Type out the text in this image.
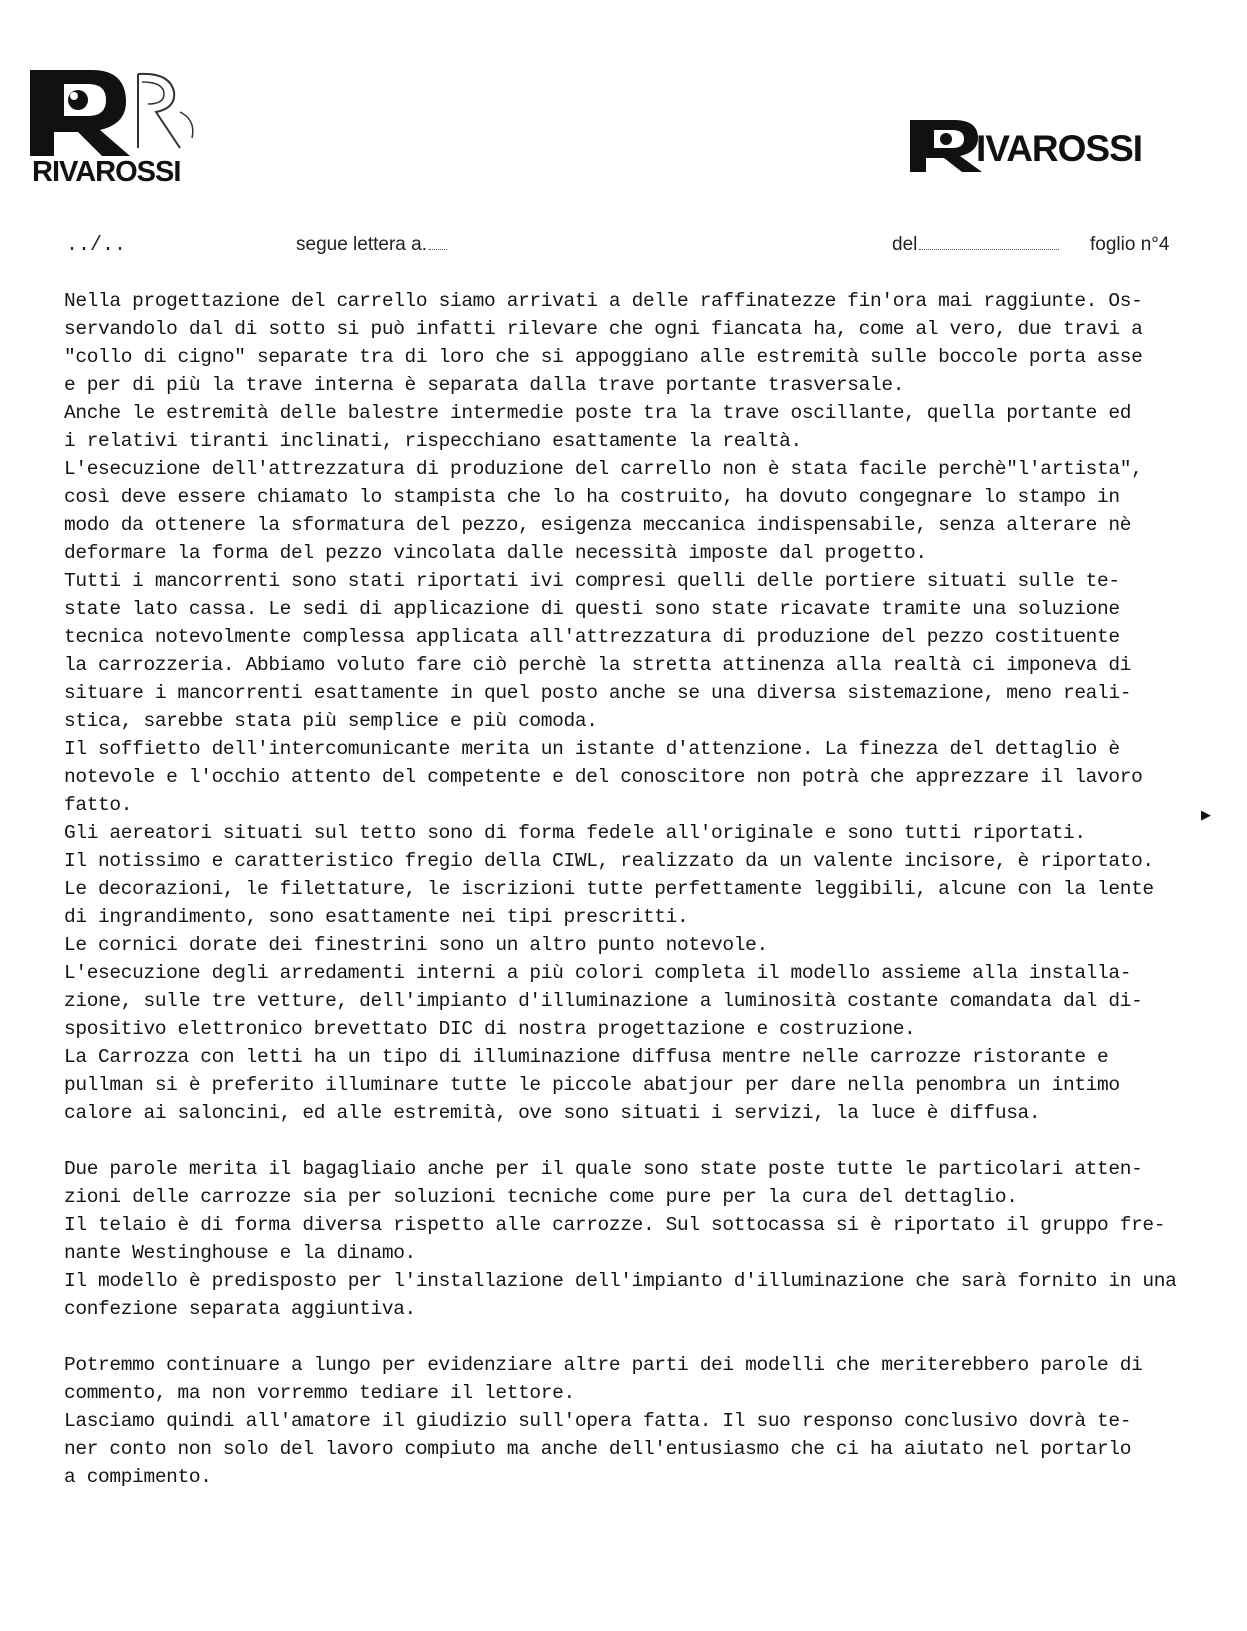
RIVAROSSI
IVAROSSI
../..	segue lettera a.	del	foglio n°4

Nella progettazione del carrello siamo arrivati a delle raffinatezze fin'ora mai raggiunte. Os-

servandolo dal di sotto si può infatti rilevare che ogni fiancata ha, come al vero, due travi a

"collo di cigno" separate tra di loro che si appoggiano alle estremità sulle boccole porta asse

e per di più la trave interna è separata dalla trave portante trasversale.

Anche le estremità delle balestre intermedie poste tra la trave oscillante, quella portante ed

i relativi tiranti inclinati, rispecchiano esattamente la realtà.

L'esecuzione dell'attrezzatura di produzione del carrello non è stata facile perchè"l'artista",

così deve essere chiamato lo stampista che lo ha costruito, ha dovuto congegnare lo stampo in

modo da ottenere la sformatura del pezzo, esigenza meccanica indispensabile, senza alterare nè

deformare la forma del pezzo vincolata dalle necessità imposte dal progetto.

Tutti i mancorrenti sono stati riportati ivi compresi quelli delle portiere situati sulle te-

state lato cassa. Le sedi di applicazione di questi sono state ricavate tramite una soluzione

tecnica notevolmente complessa applicata all'attrezzatura di produzione del pezzo costituente

la carrozzeria. Abbiamo voluto fare ciò perchè la stretta attinenza alla realtà ci imponeva di

situare i mancorrenti esattamente in quel posto anche se una diversa sistemazione, meno reali-

stica, sarebbe stata più semplice e più comoda.

Il soffietto dell'intercomunicante merita un istante d'attenzione. La finezza del dettaglio è

notevole e l'occhio attento del competente e del conoscitore non potrà che apprezzare il lavoro

fatto.

Gli aereatori situati sul tetto sono di forma fedele all'originale e sono tutti riportati.

Il notissimo e caratteristico fregio della CIWL, realizzato da un valente incisore, è riportato.

Le decorazioni, le filettature, le iscrizioni tutte perfettamente leggibili, alcune con la lente

di ingrandimento, sono esattamente nei tipi prescritti.

Le cornici dorate dei finestrini sono un altro punto notevole.

L'esecuzione degli arredamenti interni a più colori completa il modello assieme alla installa-

zione, sulle tre vetture, dell'impianto d'illuminazione a luminosità costante comandata dal di-

spositivo elettronico brevettato DIC di nostra progettazione e costruzione.

La Carrozza con letti ha un tipo di illuminazione diffusa mentre nelle carrozze ristorante e

pullman si è preferito illuminare tutte le piccole abatjour per dare nella penombra un intimo

calore ai saloncini, ed alle estremità, ove sono situati i servizi, la luce è diffusa.

Due parole merita il bagagliaio anche per il quale sono state poste tutte le particolari atten-

zioni delle carrozze sia per soluzioni tecniche come pure per la cura del dettaglio.

Il telaio è di forma diversa rispetto alle carrozze. Sul sottocassa si è riportato il gruppo fre-

nante Westinghouse e la dinamo.

Il modello è predisposto per l'installazione dell'impianto d'illuminazione che sarà fornito in una

confezione separata aggiuntiva.

Potremmo continuare a lungo per evidenziare altre parti dei modelli che meriterebbero parole di

commento, ma non vorremmo tediare il lettore.

Lasciamo quindi all'amatore il giudizio sull'opera fatta. Il suo responso conclusivo dovrà te-

ner conto non solo del lavoro compiuto ma anche dell'entusiasmo che ci ha aiutato nel portarlo

a compimento.

▶
